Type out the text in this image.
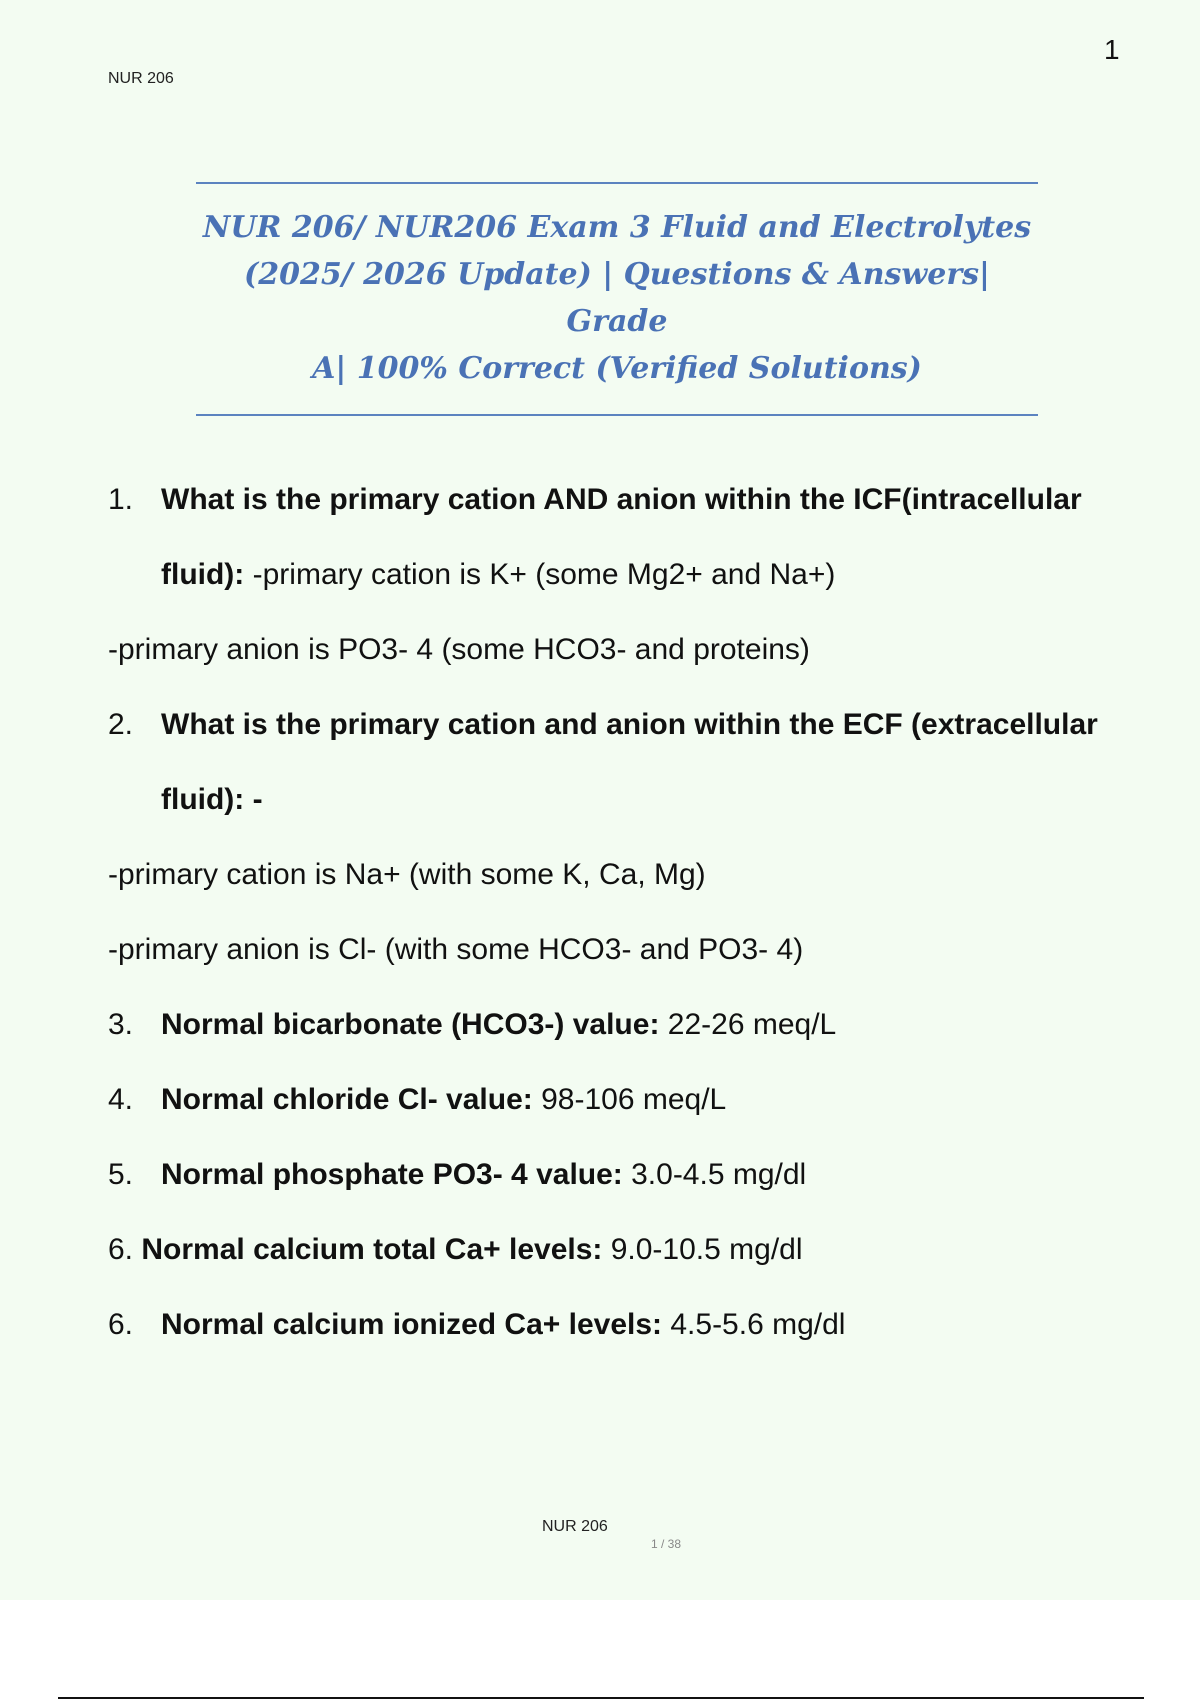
NUR 206
1

NUR 206/ NUR206 Exam 3 Fluid and Electrolytes
(2025/ 2026 Update) | Questions & Answers| Grade
A| 100% Correct (Verified Solutions)

1. What is the primary cation AND anion within the ICF(intracellular fluid): -primary cation is K+ (some Mg2+ and Na+)
-primary anion is PO3- 4 (some HCO3- and proteins)
2. What is the primary cation and anion within the ECF (extracellular fluid): -
-primary cation is Na+ (with some K, Ca, Mg)
-primary anion is Cl- (with some HCO3- and PO3- 4)
3. Normal bicarbonate (HCO3-) value: 22-26 meq/L
4. Normal chloride Cl- value: 98-106 meq/L
5. Normal phosphate PO3- 4 value: 3.0-4.5 mg/dl
6. Normal calcium total Ca+ levels: 9.0-10.5 mg/dl
6. Normal calcium ionized Ca+ levels: 4.5-5.6 mg/dl
NUR 206
1 / 38
